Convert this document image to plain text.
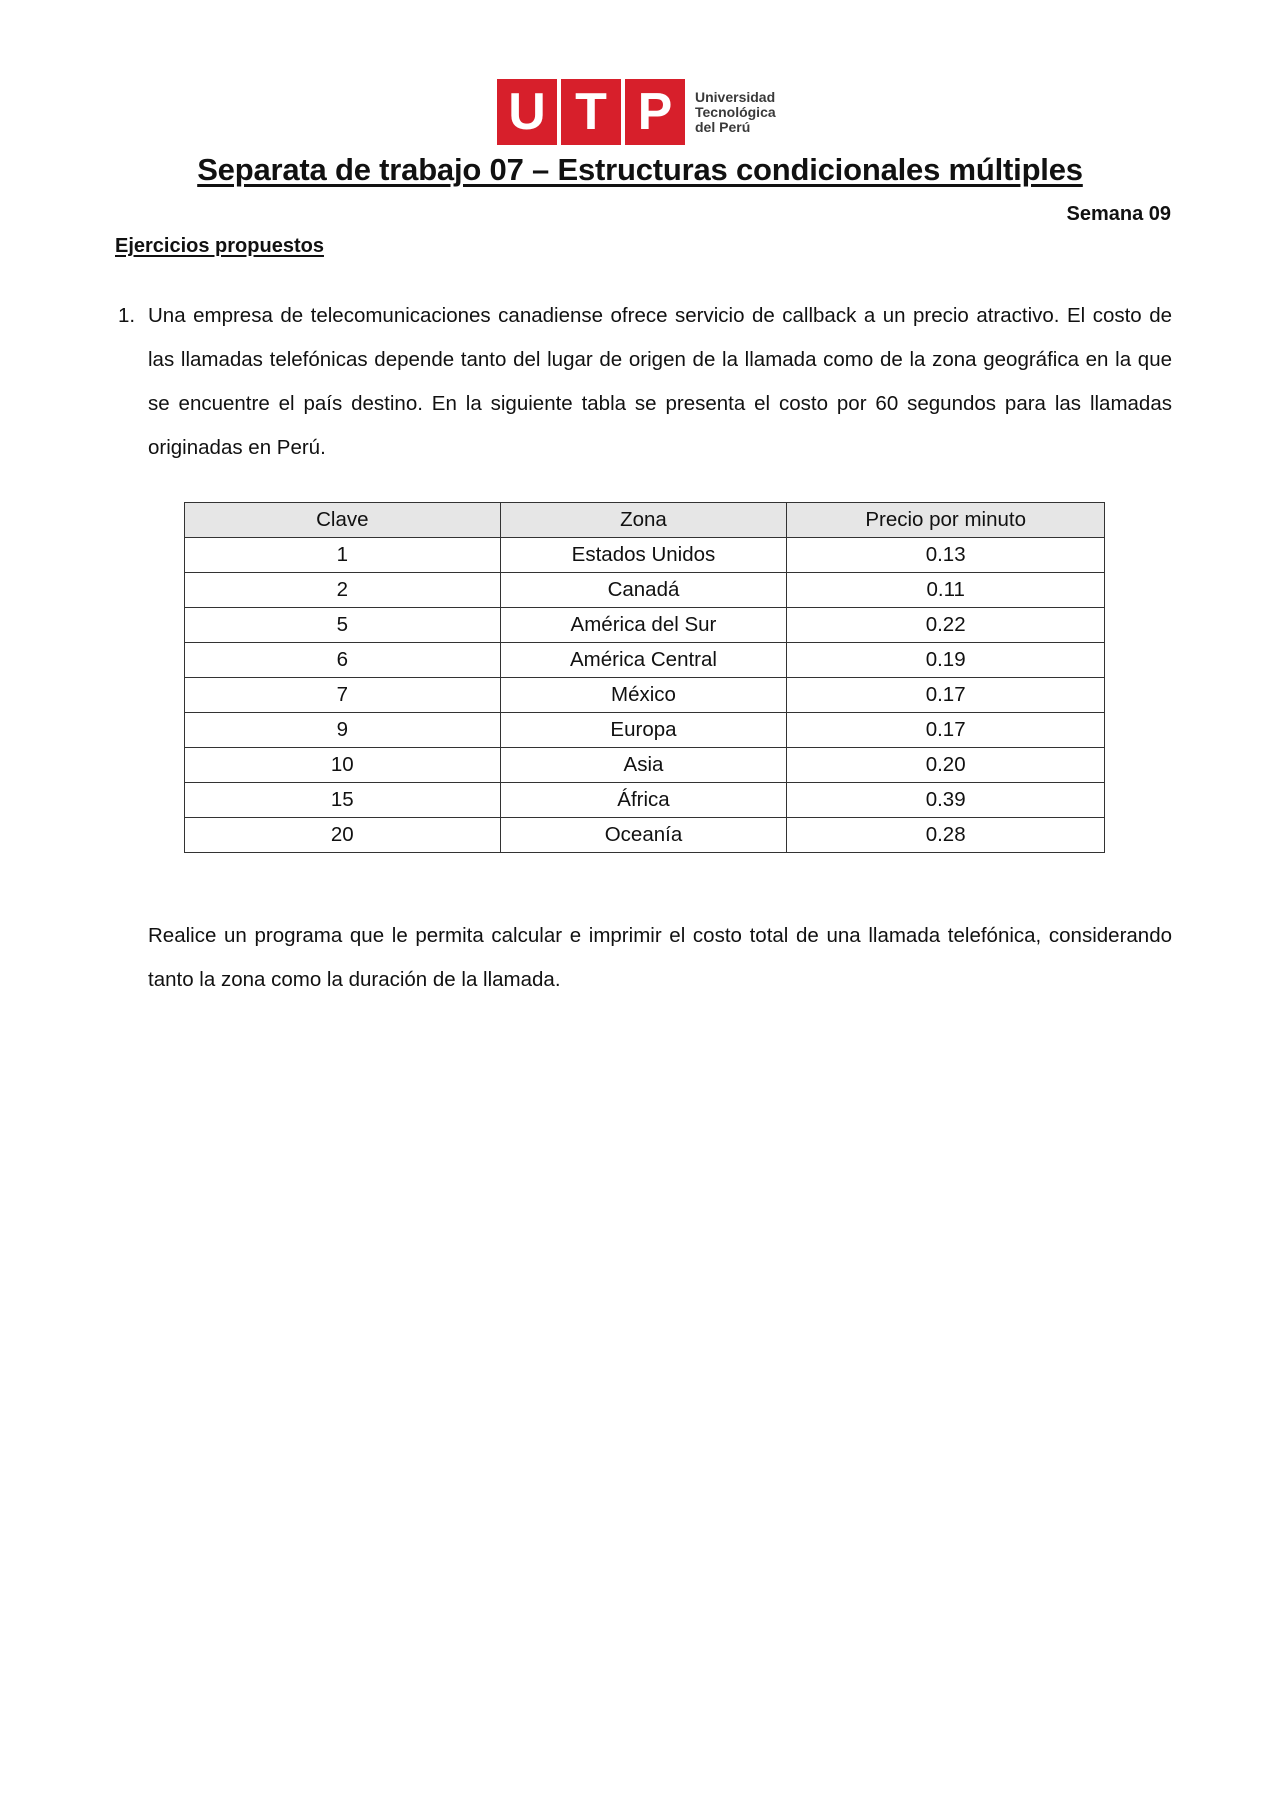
U T P	Universidad
Tecnológica
del Perú
Separata de trabajo 07 – Estructuras condicionales múltiples
Semana 09
Ejercicios propuestos
1. Una empresa de telecomunicaciones canadiense ofrece servicio de callback a un precio atractivo. El costo de las llamadas telefónicas depende tanto del lugar de origen de la llamada como de la zona geográfica en la que se encuentre el país destino. En la siguiente tabla se presenta el costo por 60 segundos para las llamadas originadas en Perú.
Clave	Zona	Precio por minuto
1	Estados Unidos	0.13
2	Canadá	0.11
5	América del Sur	0.22
6	América Central	0.19
7	México	0.17
9	Europa	0.17
10	Asia	0.20
15	África	0.39
20	Oceanía	0.28
Realice un programa que le permita calcular e imprimir el costo total de una llamada telefónica, considerando tanto la zona como la duración de la llamada.
